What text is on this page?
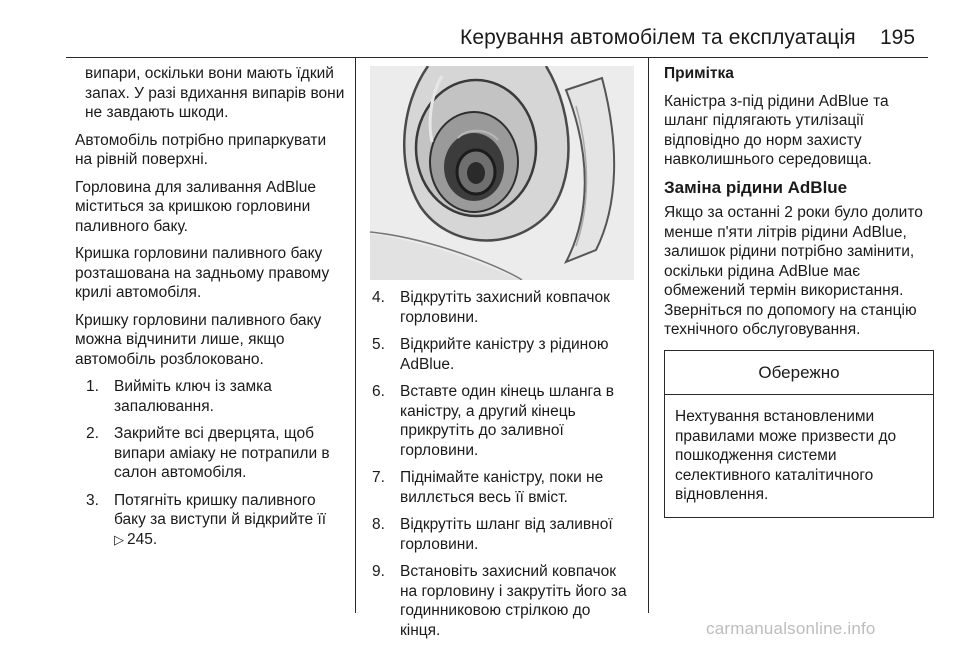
Керування автомобілем та експлуатація 195

випари, оскільки вони мають їдкий запах. У разі вдихання випарів вони не завдають шкоди.

Автомобіль потрібно припаркувати на рівній поверхні.

Горловина для заливання AdBlue міститься за кришкою горловини паливного баку.

Кришка горловини паливного баку розташована на задньому правому крилі автомобіля.

Кришку горловини паливного баку можна відчинити лише, якщо автомобіль розблоковано.

1. Вийміть ключ із замка запалювання.
2. Закрийте всі дверцята, щоб випари аміаку не потрапили в салон автомобіля.
3. Потягніть кришку паливного баку за виступи й відкрийте її
▷ 245.
4. Відкрутіть захисний ковпачок горловини.
5. Відкрийте каністру з рідиною AdBlue.
6. Вставте один кінець шланга в каністру, а другий кінець прикрутіть до заливної горловини.
7. Піднімайте каністру, поки не виллється весь її вміст.
8. Відкрутіть шланг від заливної горловини.
9. Встановіть захисний ковпачок на горловину і закрутіть його за годинниковою стрілкою до кінця.

Примітка

Каністра з-під рідини AdBlue та шланг підлягають утилізації відповідно до норм захисту навколишнього середовища.

Заміна рідини AdBlue

Якщо за останні 2 роки було долито менше п'яти літрів рідини AdBlue, залишок рідини потрібно замінити, оскільки рідина AdBlue має обмежений термін використання. Зверніться по допомогу на станцію технічного обслуговування.

Обережно
Нехтування встановленими правилами може призвести до пошкодження системи селективного каталітичного відновлення.
carmanualsonline.info
